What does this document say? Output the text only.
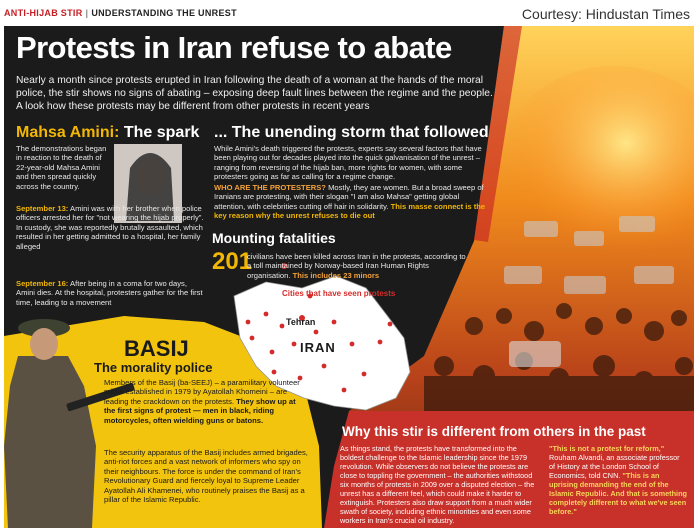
ANTI-HIJAB STIR | UNDERSTANDING THE UNREST	Courtesy: Hindustan Times
Protests in Iran refuse to abate
Nearly a month since protests erupted in Iran following the death of a woman at the hands of the moral police, the stir shows no signs of abating – exposing deep fault lines between the regime and the people. A look how these protests may be different from other protests in recent years
Mahsa Amini: The spark
The demonstrations began in reaction to the death of 22-year-old Mahsa Amini and then spread quickly across the country.
September 13: Amini was with her brother when police officers arrested her for "not wearing the hijab properly". In custody, she was reportedly brutally assaulted, which resulted in her getting admitted to a hospital, her family alleged
September 16: After being in a coma for two days, Amini dies. At the hospital, protesters gather for the first time, leading to a movement
... The unending storm that followed
While Amini's death triggered the protests, experts say several factors that have been playing out for decades played into the quick galvanisation of the unrest – ranging from reversing of the hijab ban, more rights for women, with some protesters going as far as calling for a regime change.
WHO ARE THE PROTESTERS? Mostly, they are women. But a broad sweep of Iranians are protesting, with their slogan "I am also Mahsa" getting global attention, with celebrities cutting off hair in solidarity. This masse connect is the key reason why the unrest refuses to die out
Mounting fatalities
201
civilians have been killed across Iran in the protests, according to a toll maintained by Norway-based Iran Human Rights organisation. This includes 23 minors
Cities that have seen protests
Tehran
IRAN
BASIJ
The morality police
Members of the Basij (ba-SEEJ) – a paramilitary volunteer militia established in 1979 by Ayatollah Khomeini – are leading the crackdown on the protests. They show up at the first signs of protest — men in black, riding motorcycles, often wielding guns or batons.
The security apparatus of the Basij includes armed brigades, anti-riot forces and a vast network of informers who spy on their neighbours. The force is under the command of Iran's Revolutionary Guard and fiercely loyal to Supreme Leader Ayatollah Ali Khamenei, who routinely praises the Basij as a pillar of the Islamic Republic.
Why this stir is different from others in the past
As things stand, the protests have transformed into the boldest challenge to the Islamic leadership since the 1979 revolution. While observers do not believe the protests are close to toppling the government – the authorities withstood six months of protests in 2009 over a disputed election – the unrest has a different feel, which could make it harder to extinguish. Protesters also draw support from a much wider swath of society, including ethnic minorities and even some workers in Iran's crucial oil industry.
"This is not a protest for reform," Rouham Alvandi, an associate professor of History at the London School of Economics, told CNN. "This is an uprising demanding the end of the Islamic Republic. And that is something completely different to what we've seen before."
